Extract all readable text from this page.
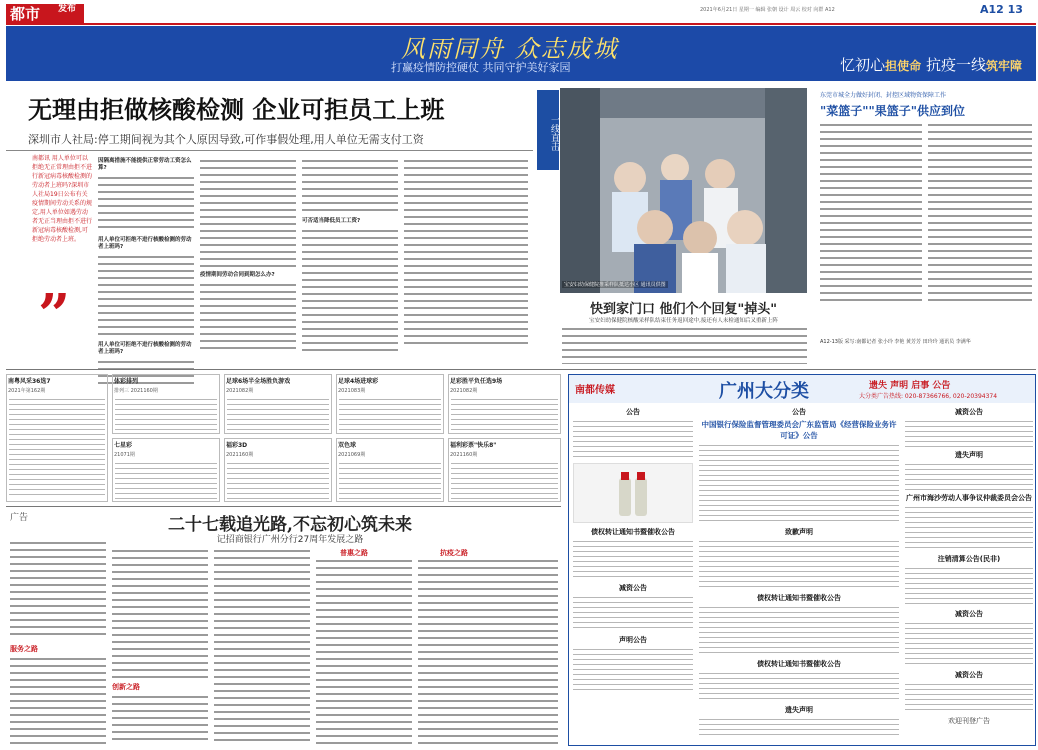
都市 发布	2021年6月21日 星期一 编辑 张朝 设计 周云 校对 向群 A12	A12 13
风雨同舟 众志成城
打赢疫情防控硬仗 共同守护美好家园	忆初心担使命 抗疫一线筑牢障
无理由拒做核酸检测 企业可拒员工上班
深圳市人社局:停工期间视为其个人原因导致,可作事假处理,用人单位无需支付工资
南都讯 用人单位可以拒绝无正常理由拒不进行新冠病毒核酸检测的劳动者上班吗?深圳市人社局19日公布有关疫情期间劳动关系的规定,用人单位如遇劳动者无正当理由拒不进行新冠病毒核酸检测,可拒绝劳动者上班。
”
因隔离措施不能提供正常劳动工资怎么算?
用人单位可拒绝不进行核酸检测的劳动者上班吗?
用人单位可拒绝不进行核酸检测的劳动者上班吗?
疫情期间劳动合同到期怎么办?
可否适当降低员工工资?
一线直击
宝安妇幼保健院推采样队抵达小区 通讯员供图
快到家门口 他们个个回复"掉头"
宝安妇幼保健院核酸采样队结束任务返回途中,接还有人未检通知后又重新上阵
东莞市城全力做好封闭、封控区域物资保障工作
"菜篮子""果篮子"供应到位
A12-13版 采写:南都记者 张小玲 李艳 黄芳芳 田玲玲 通讯员 李满华
南粤风采36选7
2021年第162期
体彩排列
排列三 2021160期
足球6场半全场胜负游戏
2021082期
足球4场进球彩
2021083期
足彩胜平负任选9场
2021082期
七星彩
21071期
福彩3D
2021160期
双色球
2021069期
福利彩票"快乐8"
2021160期
广告	二十七载追光路,不忘初心筑未来
记招商银行广州分行27周年发展之路
服务之路
创新之路
普惠之路	抗疫之路
南都传媒	广州大分类	遗失 声明 启事 公告
大分类广告热线: 020-87366766, 020-20394374
公告
债权转让通知书暨催收公告
减资公告
声明公告
公告
中国银行保险监督管理委员会广东监管局《经营保险业务许可证》公告
致歉声明
债权转让通知书暨催收公告
债权转让通知书暨催收公告
遗失声明
减资公告
遗失声明
广州市海沙劳动人事争议仲裁委员会公告
注销清算公告(民非)
减资公告
减资公告
欢迎刊登广告
